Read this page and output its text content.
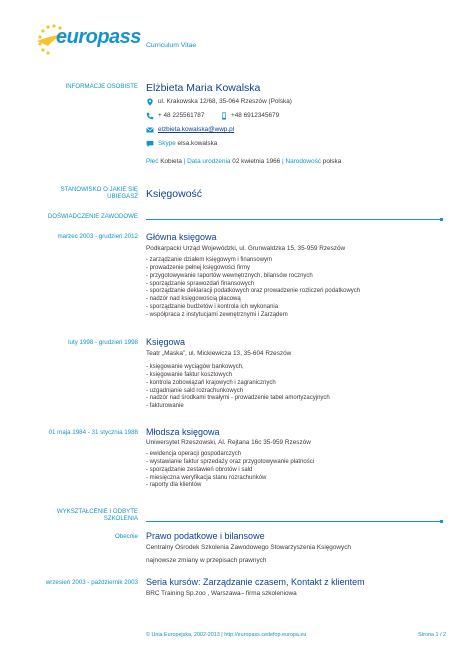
europass Curriculum Vitae
INFORMACJE OSOBISTE Elżbieta Maria Kowalska
ul. Krakowska 12/68, 35-064 Rzeszów (Polska)
+ 48 225561787	+48 6912345679
elzbieta.kowalska@wwp.pl
Skype elsa.kowalska
Płeć Kobieta | Data urodzenia 02 kwietnia 1966 | Narodowość polska
STANOWISKO O JAKIE SIĘ UBIEGASZ Księgowość
DOŚWIADCZENIE ZAWODOWE
marzec 2003 - grudzień 2012 Główna księgowa
Podkarpacki Urząd Wojewódzki, ul. Grunwaldzka 15, 35-959 Rzeszów
- zarządzanie działem księgowym i finansowym
- prowadzenie pełnej księgowości firmy
- przygotowywanie raportów wewnętrznych, bilansów rocznych
- sporządzanie sprawozdań finansowych
- sporządzanie deklaracji podatkowych oraz prowadzenie rozliczeń podatkowych
- nadzór nad księgowością płacową
- sporządzanie budżetów i kontrola ich wykonania
- współpraca z instytucjami zewnętrznymi i Zarządem
luty 1998 - grudzień 1998 Księgowa
Teatr „Maska”, ul. Mickiewicza 13, 35-604 Rzeszów
- księgowanie wyciągów bankowych,
- księgowanie faktur kosztowych
- kontrola zobowiązań krajowych i zagranicznych
- uzgadnianie sald rozrachunkowych
- nadzór nad środkami trwałymi - prowadzenie tabel amortyzacyjnych
- fakturowanie
01 maja 1984 - 31 stycznia 1988 Młodsza księgowa
Uniwersytet Rzeszowski, Al. Rejtana 16c 35-959 Rzeszów
- ewidencja operacji gospodarczych
- wystawianie faktur sprzedaży oraz przygotowywanie płatności
- sporządzanie zestawień obrotów i sald
- miesięczna weryfikacja stanu rozrachunków
- raporty dla klientów
WYKSZTAŁCENIE I ODBYTE SZKOLENIA
Obecnie Prawo podatkowe i bilansowe
Centralny Ośrodek Szkolenia Zawodowego Stowarzyszenia Księgowych
najnowsze zmiany w przepisach prawnych
wrzesień 2003 - październik 2003 Seria kursów: Zarządzanie czasem, Kontakt z klientem
BRC Training Sp.zoo , Warszawa– firma szkoleniowa
© Unia Europejska, 2002-2013 | http://europass.cedefop.europa.eu	Strona 1 / 2
